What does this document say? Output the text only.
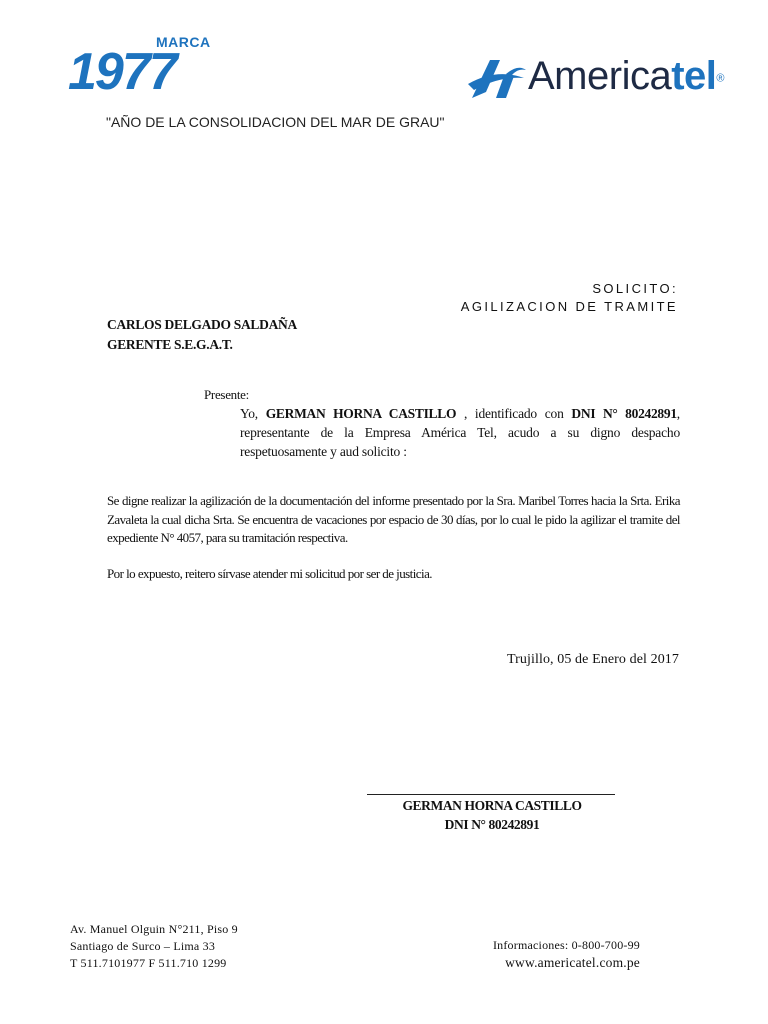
MARCA
1977	Americatel®
"AÑO DE LA CONSOLIDACION DEL MAR DE GRAU"
SOLICITO:
AGILIZACION DE TRAMITE
CARLOS DELGADO SALDAÑA
GERENTE S.E.G.A.T.
Presente:
Yo, GERMAN HORNA CASTILLO , identificado con DNI N° 80242891, representante de la Empresa América Tel, acudo a su digno despacho respetuosamente y aud solicito :
Se digne realizar la agilización de la documentación del informe presentado por la Sra. Maribel Torres hacia la Srta. Erika Zavaleta la cual dicha Srta. Se encuentra de vacaciones por espacio de 30 días, por lo cual le pido la agilizar el tramite del expediente N° 4057, para su tramitación respectiva.
Por lo expuesto, reitero sírvase atender mi solicitud por ser de justicia.
Trujillo, 05 de Enero del 2017
GERMAN HORNA CASTILLO
DNI N° 80242891
Av. Manuel Olguin N°211, Piso 9
Santiago de Surco – Lima 33
T 511.7101977 F 511.710 1299
Informaciones: 0-800-700-99
www.americatel.com.pe
